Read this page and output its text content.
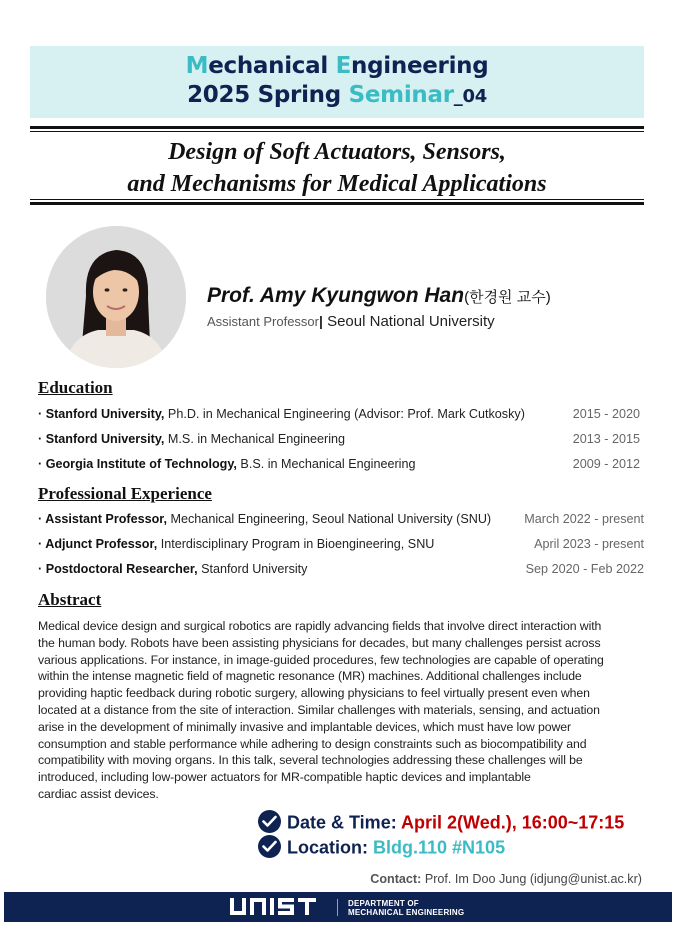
Mechanical Engineering
2025 Spring Seminar_04
Design of Soft Actuators, Sensors,
and Mechanisms for Medical Applications
Prof. Amy Kyungwon Han(한경원 교수)
Assistant Professor| Seoul National University
Education
· Stanford University, Ph.D. in Mechanical Engineering (Advisor: Prof. Mark Cutkosky)	2015 - 2020
· Stanford University, M.S. in Mechanical Engineering	2013 - 2015
· Georgia Institute of Technology, B.S. in Mechanical Engineering	2009 - 2012
Professional Experience
· Assistant Professor, Mechanical Engineering, Seoul National University (SNU)	March 2022 - present
· Adjunct Professor, Interdisciplinary Program in Bioengineering, SNU	April 2023 - present
· Postdoctoral Researcher, Stanford University	Sep 2020 - Feb 2022
Abstract

Medical device design and surgical robotics are rapidly advancing fields that involve direct interaction with

the human body. Robots have been assisting physicians for decades, but many challenges persist across

various applications. For instance, in image-guided procedures, few technologies are capable of operating

within the intense magnetic field of magnetic resonance (MR) machines. Additional challenges include

providing haptic feedback during robotic surgery, allowing physicians to feel virtually present even when

located at a distance from the site of interaction. Similar challenges with materials, sensing, and actuation

arise in the development of minimally invasive and implantable devices, which must have low power

consumption and stable performance while adhering to design constraints such as biocompatibility and

compatibility with moving organs. In this talk, several technologies addressing these challenges will be

introduced, including low-power actuators for MR-compatible haptic devices and implantable

cardiac assist devices.

Date & Time: April 2(Wed.), 16:00~17:15
Location: Bldg.110 #N105
Contact: Prof. Im Doo Jung (idjung@unist.ac.kr)
DEPARTMENT OF
MECHANICAL ENGINEERING
